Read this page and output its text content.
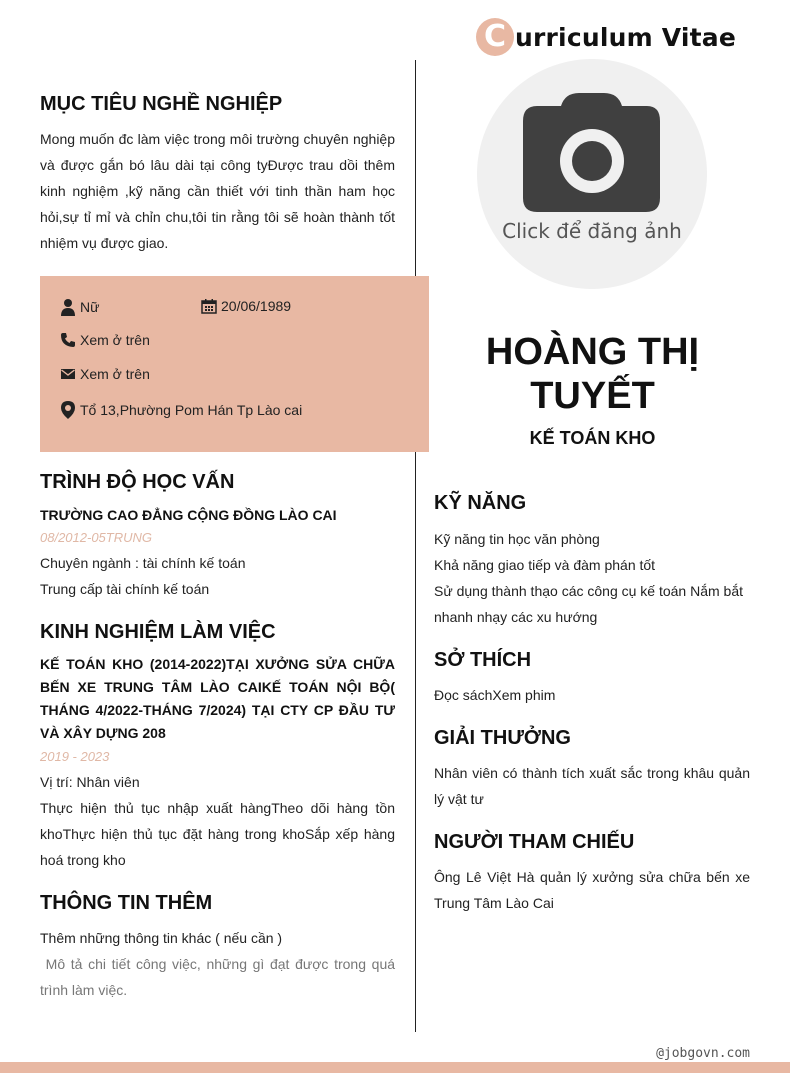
C urriculum Vitae
Click để đăng ảnh
MỤC TIÊU NGHỀ NGHIỆP
Mong muốn đc làm việc trong môi trường chuyên nghiệp và được gắn bó lâu dài tại công tyĐược trau dồi thêm kinh nghiệm ,kỹ năng cần thiết với tinh thần ham học hỏi,sự tỉ mỉ và chỉn chu,tôi tin rằng tôi sẽ hoàn thành tốt nhiệm vụ được giao.
Nữ	20/06/1989
Xem ở trên
Xem ở trên
Tổ 13,Phường Pom Hán Tp Lào cai
HOÀNG THỊ TUYẾT
KẾ TOÁN KHO
TRÌNH ĐỘ HỌC VẤN
TRƯỜNG CAO ĐẲNG CỘNG ĐỒNG LÀO CAI
08/2012-05TRUNG
Chuyên ngành : tài chính kế toán
Trung cấp tài chính kế toán
KINH NGHIỆM LÀM VIỆC
KẾ TOÁN KHO (2014-2022)TẠI XƯỞNG SỬA CHỮA BẾN XE TRUNG TÂM LÀO CAIKẾ TOÁN NỘI BỘ( THÁNG 4/2022-THÁNG 7/2024) TẠI CTY CP ĐẦU TƯ VÀ XÂY DỰNG 208
2019 - 2023
Vị trí: Nhân viên
Thực hiện thủ tục nhập xuất hàngTheo dõi hàng tồn khoThực hiện thủ tục đặt hàng trong khoSắp xếp hàng hoá trong kho
THÔNG TIN THÊM
Thêm những thông tin khác ( nếu cần )
Mô tả chi tiết công việc, những gì đạt được trong quá trình làm việc.
KỸ NĂNG
Kỹ năng tin học văn phòng
Khả năng giao tiếp và đàm phán tốt
Sử dụng thành thạo các công cụ kế toán Nắm bắt nhanh nhạy các xu hướng
SỞ THÍCH
Đọc sáchXem phim
GIẢI THƯỞNG
Nhân viên có thành tích xuất sắc trong khâu quản lý vật tư
NGƯỜI THAM CHIẾU
Ông Lê Việt Hà quản lý xưởng sửa chữa bến xe Trung Tâm Lào Cai
@jobgovn.com
